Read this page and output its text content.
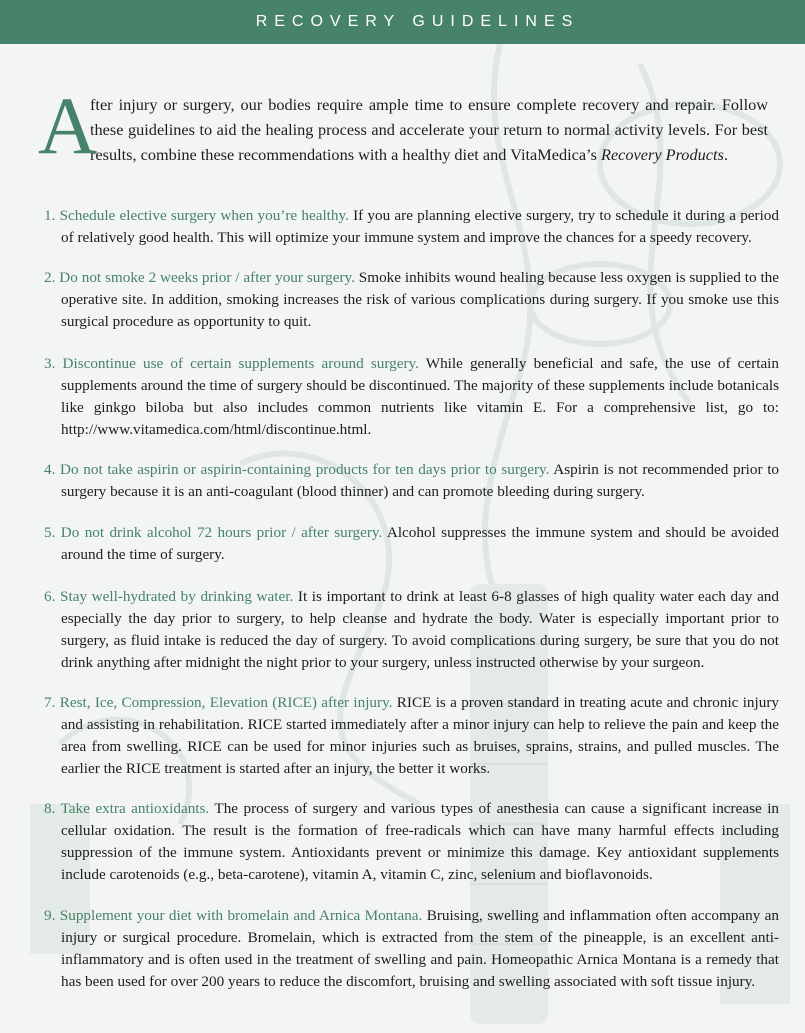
RECOVERY GUIDELINES
A

fter injury or surgery, our bodies require ample time to ensure complete recovery and repair. Follow these guidelines to aid the healing process and accelerate your return to normal activity levels. For best results, combine these recommendations with a healthy diet and VitaMedica’s Recovery Products.

1. Schedule elective surgery when you’re healthy. If you are planning elective surgery, try to schedule it during a period of relatively good health. This will optimize your immune system and improve the chances for a speedy recovery.
2. Do not smoke 2 weeks prior / after your surgery. Smoke inhibits wound healing because less oxygen is supplied to the operative site. In addition, smoking increases the risk of various complications during surgery. If you smoke use this surgical procedure as opportunity to quit.
3. Discontinue use of certain supplements around surgery. While generally beneficial and safe, the use of certain supplements around the time of surgery should be discontinued. The majority of these supplements include botanicals like ginkgo biloba but also includes common nutrients like vitamin E. For a comprehensive list, go to: http://www.vitamedica.com/html/discontinue.html.
4. Do not take aspirin or aspirin-containing products for ten days prior to surgery. Aspirin is not recommended prior to surgery because it is an anti-coagulant (blood thinner) and can promote bleeding during surgery.
5. Do not drink alcohol 72 hours prior / after surgery. Alcohol suppresses the immune system and should be avoided around the time of surgery.
6. Stay well-hydrated by drinking water. It is important to drink at least 6-8 glasses of high quality water each day and especially the day prior to surgery, to help cleanse and hydrate the body. Water is especially important prior to surgery, as fluid intake is reduced the day of surgery. To avoid complications during surgery, be sure that you do not drink anything after midnight the night prior to your surgery, unless instructed otherwise by your surgeon.
7. Rest, Ice, Compression, Elevation (RICE) after injury. RICE is a proven standard in treating acute and chronic injury and assisting in rehabilitation. RICE started immediately after a minor injury can help to relieve the pain and keep the area from swelling. RICE can be used for minor injuries such as bruises, sprains, strains, and pulled muscles. The earlier the RICE treatment is started after an injury, the better it works.
8. Take extra antioxidants. The process of surgery and various types of anesthesia can cause a significant increase in cellular oxidation. The result is the formation of free-radicals which can have many harmful effects including suppression of the immune system. Antioxidants prevent or minimize this damage. Key antioxidant supplements include carotenoids (e.g., beta-carotene), vitamin A, vitamin C, zinc, selenium and bioflavonoids.
9. Supplement your diet with bromelain and Arnica Montana. Bruising, swelling and inflammation often accompany an injury or surgical procedure. Bromelain, which is extracted from the stem of the pineapple, is an excellent anti-inflammatory and is often used in the treatment of swelling and pain. Homeopathic Arnica Montana is a remedy that has been used for over 200 years to reduce the discomfort, bruising and swelling associated with soft tissue injury.
